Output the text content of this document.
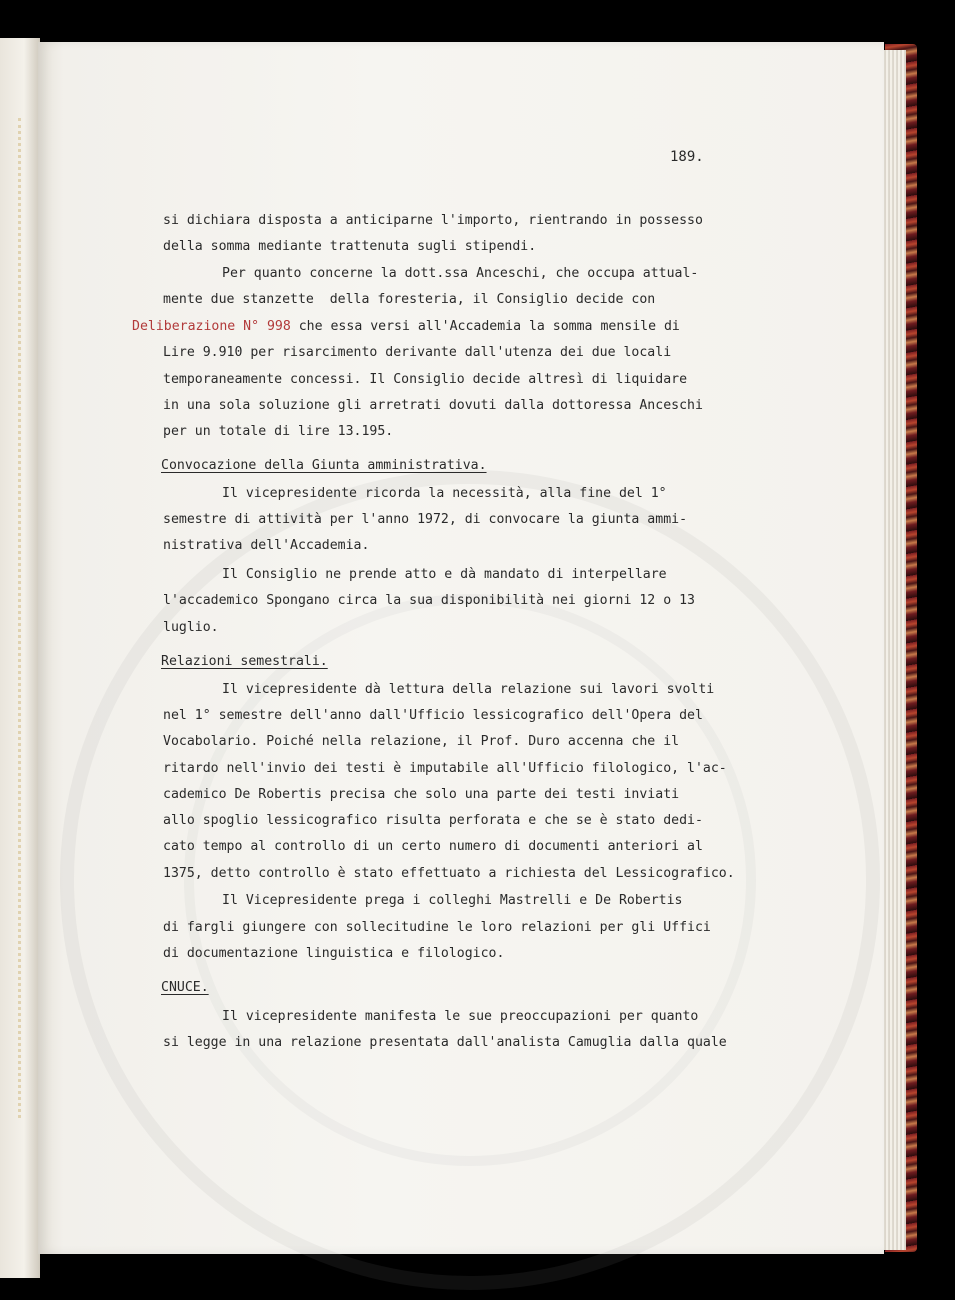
189.
si dichiara disposta a anticiparne l'importo, rientrando in possesso
della somma mediante trattenuta sugli stipendi.
Per quanto concerne la dott.ssa Anceschi, che occupa attual-
mente due stanzette  della foresteria, il Consiglio decide con
Deliberazione N° 998 che essa versi all'Accademia la somma mensile di
Lire 9.910 per risarcimento derivante dall'utenza dei due locali
temporaneamente concessi. Il Consiglio decide altresì di liquidare
in una sola soluzione gli arretrati dovuti dalla dottoressa Anceschi
per un totale di lire 13.195.
Convocazione della Giunta amministrativa.
Il vicepresidente ricorda la necessità, alla fine del 1°
semestre di attività per l'anno 1972, di convocare la giunta ammi-
nistrativa dell'Accademia.
Il Consiglio ne prende atto e dà mandato di interpellare
l'accademico Spongano circa la sua disponibilità nei giorni 12 o 13
luglio.
Relazioni semestrali.
Il vicepresidente dà lettura della relazione sui lavori svolti
nel 1° semestre dell'anno dall'Ufficio lessicografico dell'Opera del
Vocabolario. Poiché nella relazione, il Prof. Duro accenna che il
ritardo nell'invio dei testi è imputabile all'Ufficio filologico, l'ac-
cademico De Robertis precisa che solo una parte dei testi inviati
allo spoglio lessicografico risulta perforata e che se è stato dedi-
cato tempo al controllo di un certo numero di documenti anteriori al
1375, detto controllo è stato effettuato a richiesta del Lessicografico.
Il Vicepresidente prega i colleghi Mastrelli e De Robertis
di fargli giungere con sollecitudine le loro relazioni per gli Uffici
di documentazione linguistica e filologico.
CNUCE.
Il vicepresidente manifesta le sue preoccupazioni per quanto
si legge in una relazione presentata dall'analista Camuglia dalla quale
